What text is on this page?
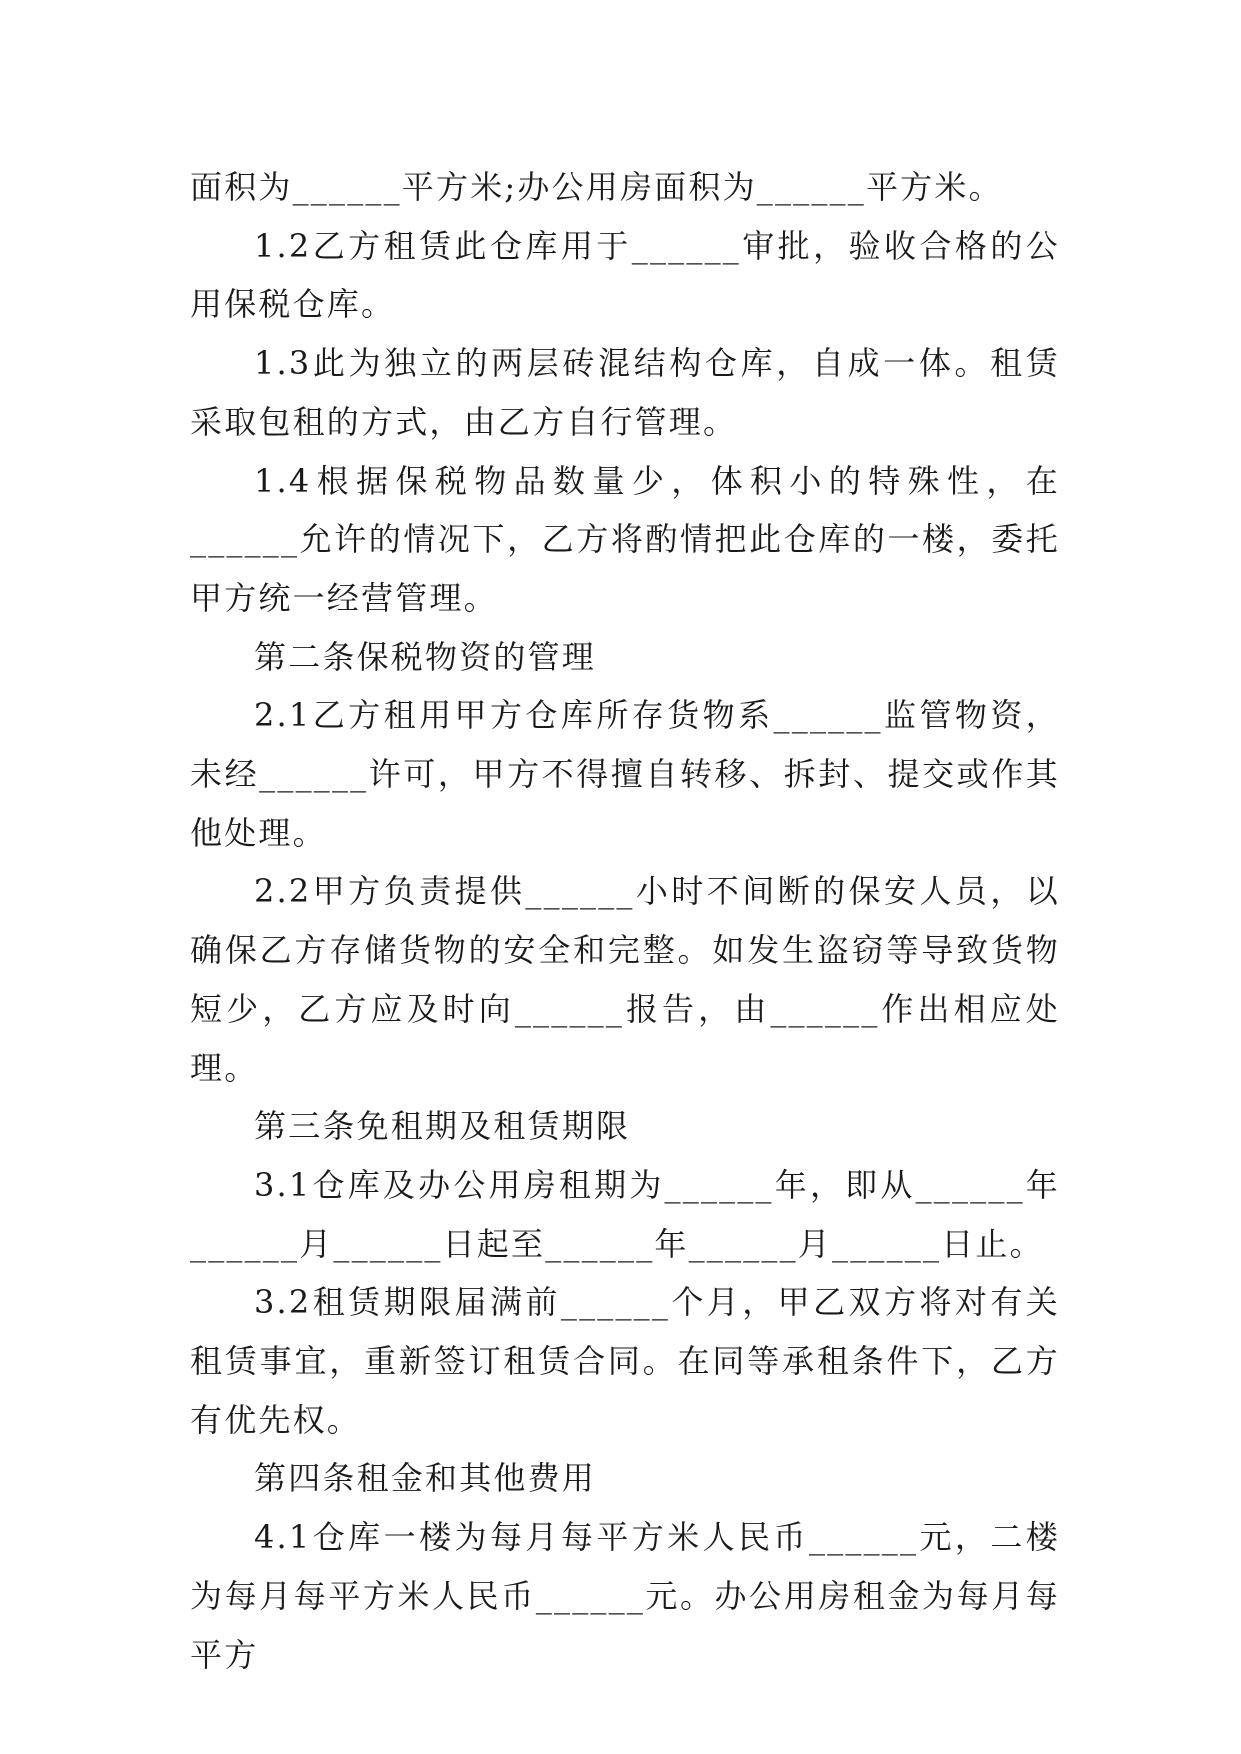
面积为______平方米;办公用房面积为______平方米。

1.2乙方租赁此仓库用于______审批，验收合格的公用保税仓库。

1.3此为独立的两层砖混结构仓库，自成一体。租赁采取包租的方式，由乙方自行管理。

1.4根据保税物品数量少，体积小的特殊性，在______允许的情况下，乙方将酌情把此仓库的一楼，委托甲方统一经营管理。

第二条保税物资的管理

2.1乙方租用甲方仓库所存货物系______监管物资，未经______许可，甲方不得擅自转移、拆封、提交或作其他处理。

2.2甲方负责提供______小时不间断的保安人员，以确保乙方存储货物的安全和完整。如发生盗窃等导致货物短少，乙方应及时向______报告，由______作出相应处理。

第三条免租期及租赁期限

3.1仓库及办公用房租期为______年，即从______年______月______日起至______年______月______日止。

3.2租赁期限届满前______个月，甲乙双方将对有关租赁事宜，重新签订租赁合同。在同等承租条件下，乙方有优先权。

第四条租金和其他费用

4.1仓库一楼为每月每平方米人民币______元，二楼为每月每平方米人民币______元。办公用房租金为每月每平方
